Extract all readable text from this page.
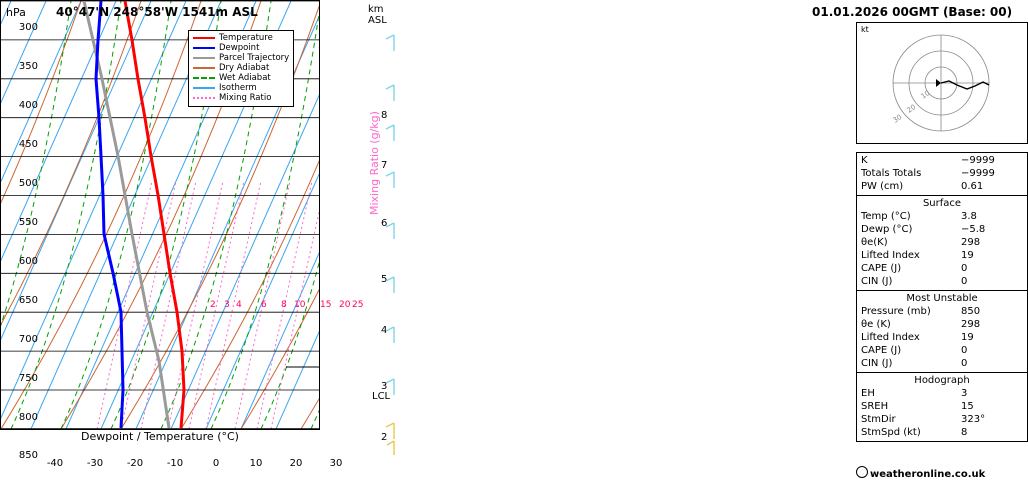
hPa	40°47'N 248°58'W 1541m ASL	km
ASL
300
350
400
450
500
550
600
650
700
750
800
850
8
7
6
5
4
3
2
LCL
-40	-30	-20	-10	0	10	20	30
Dewpoint / Temperature (°C)
2 3 4 6 8 10 15 20 25
Mixing Ratio (g/kg)
Temperature
Dewpoint
Parcel Trajectory
Dry Adiabat
Wet Adiabat
Isotherm
Mixing Ratio
01.01.2026 00GMT (Base: 00)
kt
10
20
30
K	−9999
Totals Totals	−9999
PW (cm)	0.61
Surface
Temp (°C)	3.8
Dewp (°C)	−5.8
θe(K)	298
Lifted Index	19
CAPE (J)	0
CIN (J)	0
Most Unstable
Pressure (mb)	850
θe (K)	298
Lifted Index	19
CAPE (J)	0
CIN (J)	0
Hodograph
EH	3
SREH	15
StmDir	323°
StmSpd (kt)	8
weatheronline.co.uk
